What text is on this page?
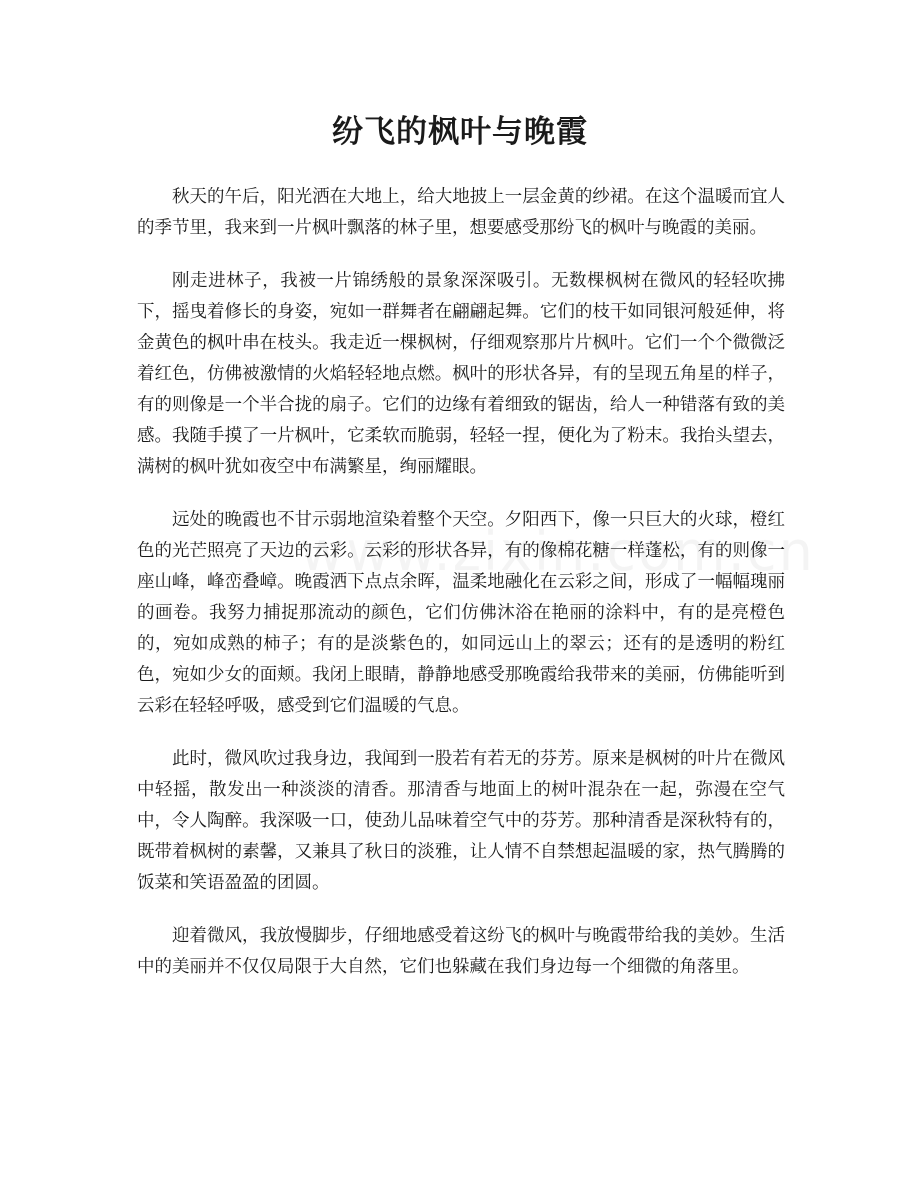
纷飞的枫叶与晚霞

秋天的午后，阳光洒在大地上，给大地披上一层金黄的纱裙。在这个温暖而宜人的季节里，我来到一片枫叶飘落的林子里，想要感受那纷飞的枫叶与晚霞的美丽。

刚走进林子，我被一片锦绣般的景象深深吸引。无数棵枫树在微风的轻轻吹拂下，摇曳着修长的身姿，宛如一群舞者在翩翩起舞。它们的枝干如同银河般延伸，将金黄色的枫叶串在枝头。我走近一棵枫树，仔细观察那片片枫叶。它们一个个微微泛着红色，仿佛被激情的火焰轻轻地点燃。枫叶的形状各异，有的呈现五角星的样子，有的则像是一个半合拢的扇子。它们的边缘有着细致的锯齿，给人一种错落有致的美感。我随手摸了一片枫叶，它柔软而脆弱，轻轻一捏，便化为了粉末。我抬头望去，满树的枫叶犹如夜空中布满繁星，绚丽耀眼。

远处的晚霞也不甘示弱地渲染着整个天空。夕阳西下，像一只巨大的火球，橙红色的光芒照亮了天边的云彩。云彩的形状各异，有的像棉花糖一样蓬松，有的则像一座山峰，峰峦叠嶂。晚霞洒下点点余晖，温柔地融化在云彩之间，形成了一幅幅瑰丽的画卷。我努力捕捉那流动的颜色，它们仿佛沐浴在艳丽的涂料中，有的是亮橙色的，宛如成熟的柿子；有的是淡紫色的，如同远山上的翠云；还有的是透明的粉红色，宛如少女的面颊。我闭上眼睛，静静地感受那晚霞给我带来的美丽，仿佛能听到云彩在轻轻呼吸，感受到它们温暖的气息。

此时，微风吹过我身边，我闻到一股若有若无的芬芳。原来是枫树的叶片在微风中轻摇，散发出一种淡淡的清香。那清香与地面上的树叶混杂在一起，弥漫在空气中，令人陶醉。我深吸一口，使劲儿品味着空气中的芬芳。那种清香是深秋特有的，既带着枫树的素馨，又兼具了秋日的淡雅，让人情不自禁想起温暖的家，热气腾腾的饭菜和笑语盈盈的团圆。

迎着微风，我放慢脚步，仔细地感受着这纷飞的枫叶与晚霞带给我的美妙。生活中的美丽并不仅仅局限于大自然，它们也躲藏在我们身边每一个细微的角落里。
